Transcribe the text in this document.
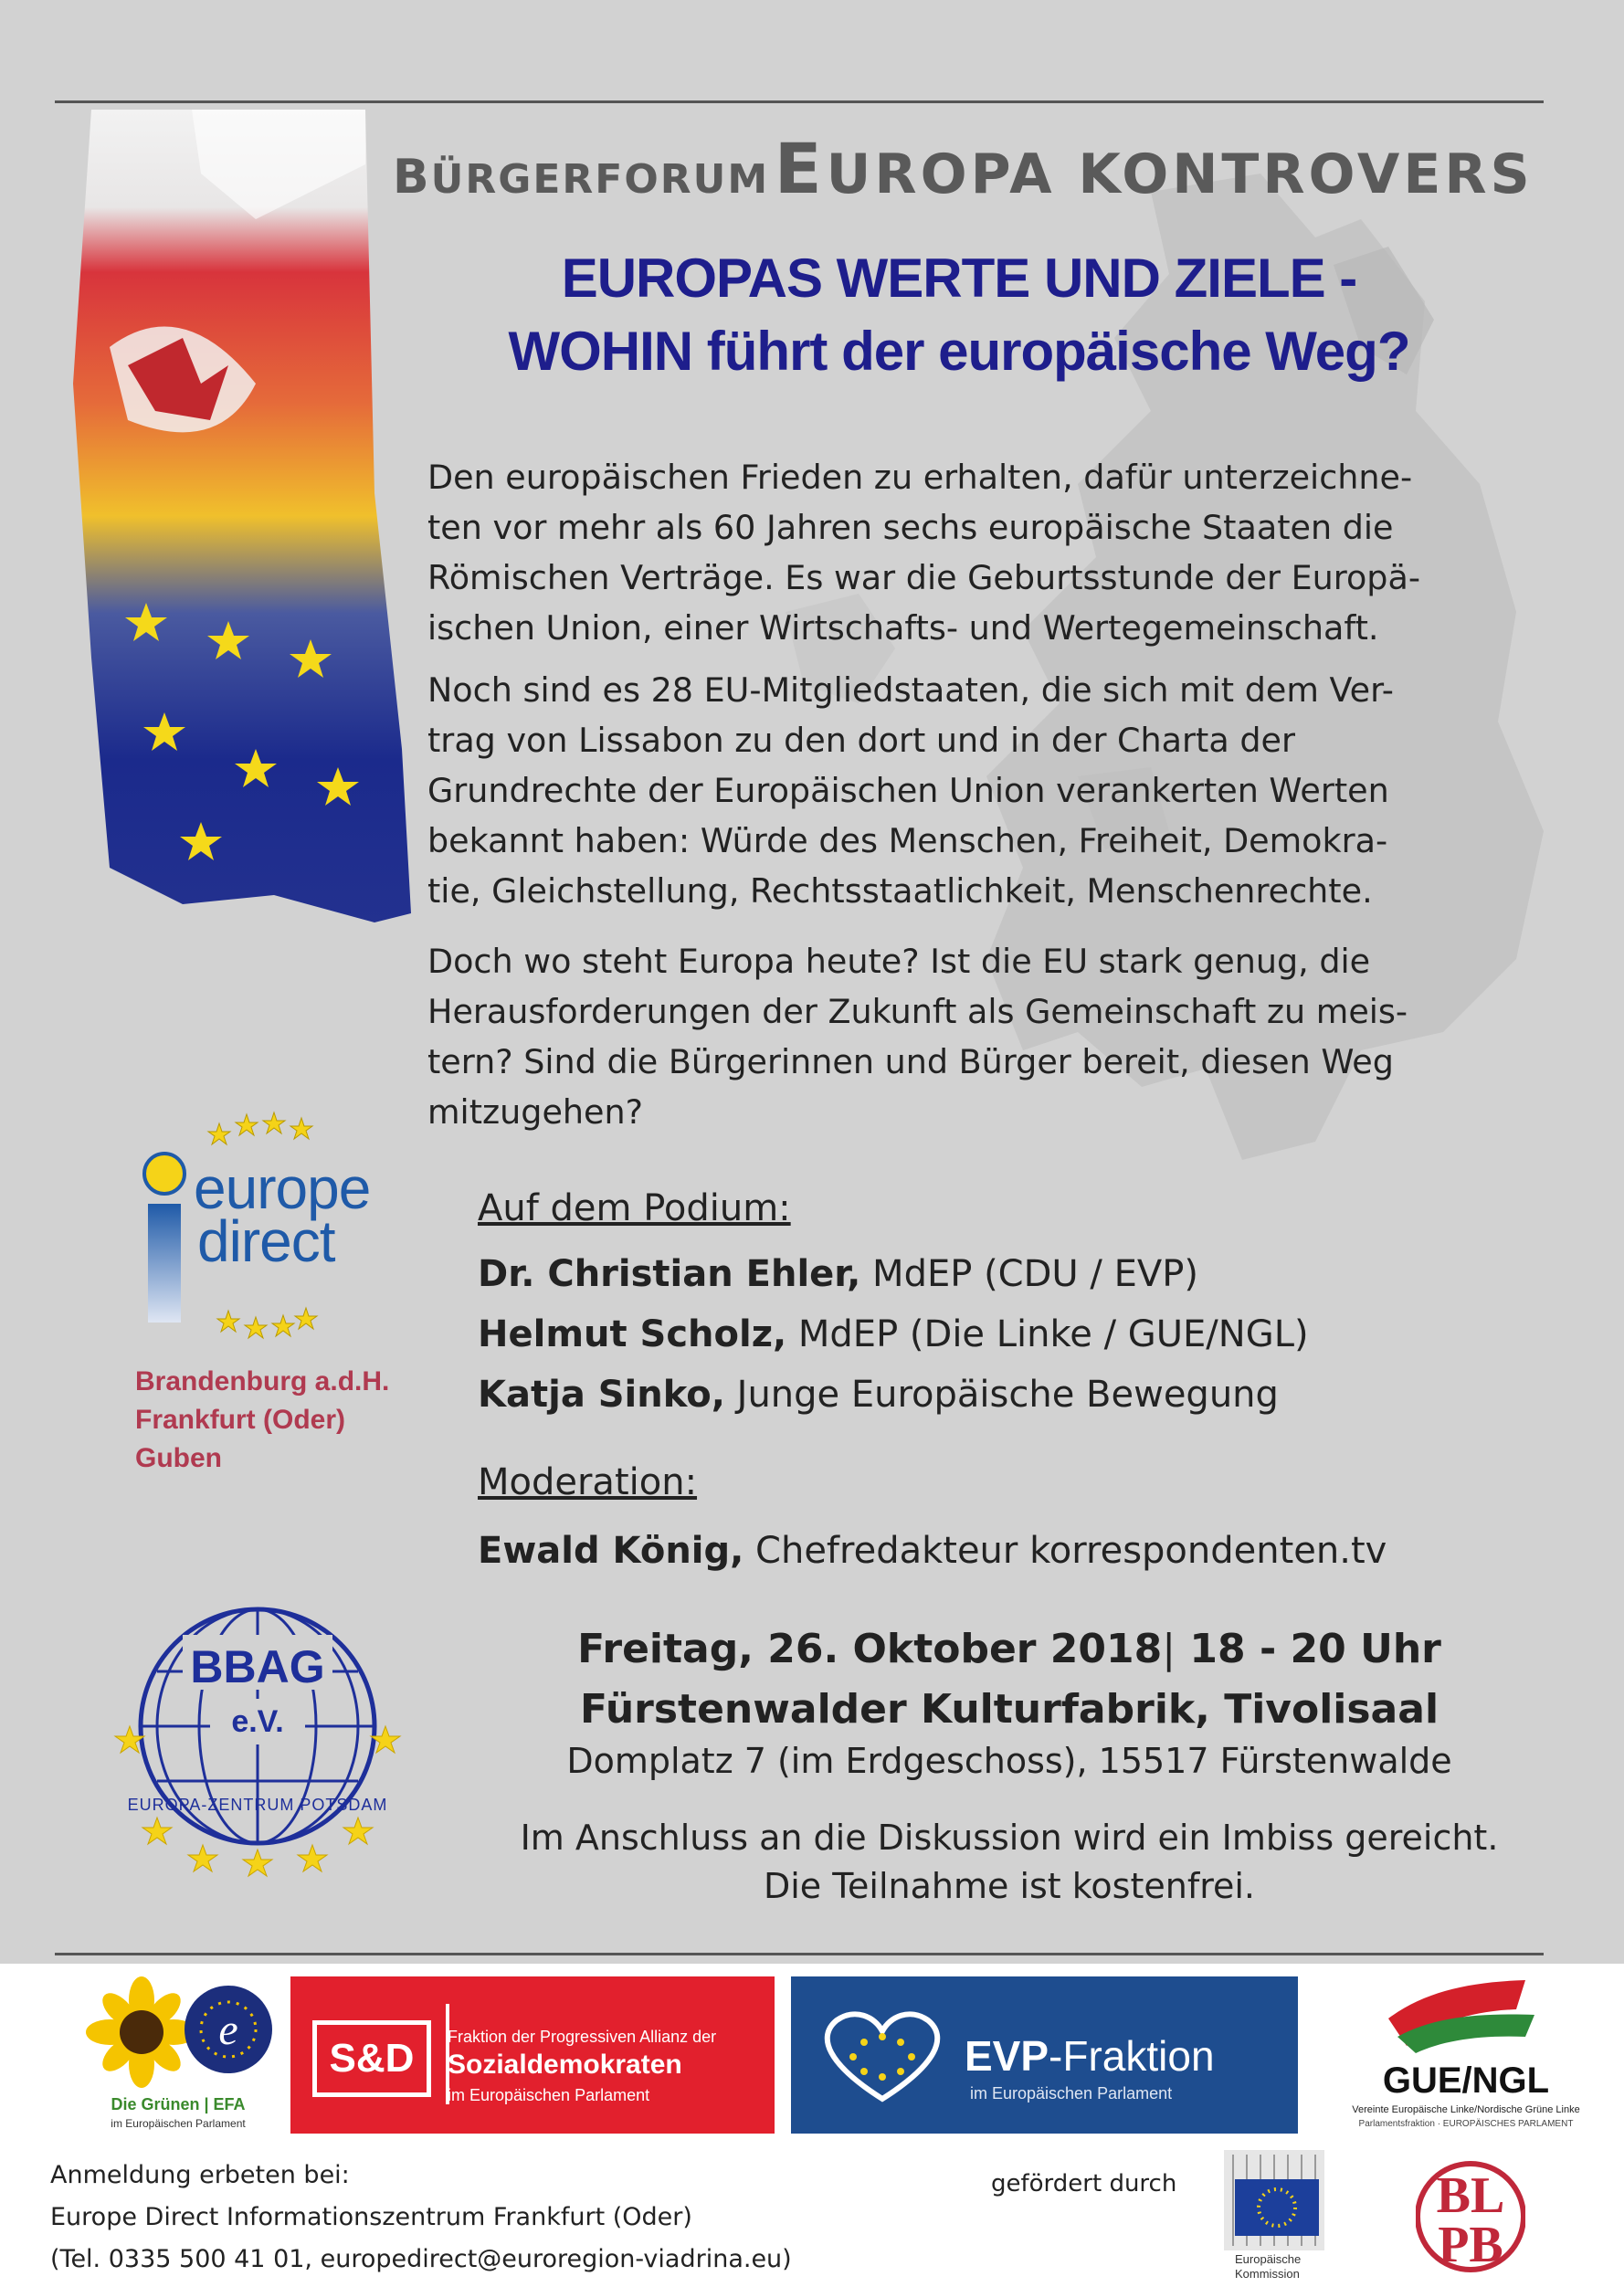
BÜRGERFORUM EUROPA KONTROVERS
EUROPAS WERTE UND ZIELE -
WOHIN führt der europäische Weg?

Den europäischen Frieden zu erhalten, dafür unterzeichne-

ten vor mehr als 60 Jahren sechs europäische Staaten die

Römischen Verträge. Es war die Geburtsstunde der Europä-

ischen Union, einer Wirtschafts- und Wertegemeinschaft.

Noch sind es 28 EU-Mitgliedstaaten, die sich mit dem Ver-

trag von Lissabon zu den dort und in der Charta der

Grundrechte der Europäischen Union verankerten Werten

bekannt haben: Würde des Menschen, Freiheit, Demokra-

tie, Gleichstellung, Rechtsstaatlichkeit, Menschenrechte.

Doch wo steht Europa heute? Ist die EU stark genug, die

Herausforderungen der Zukunft als Gemeinschaft zu meis-

tern? Sind die Bürgerinnen und Bürger bereit, diesen Weg

mitzugehen?

Auf dem Podium:
Dr. Christian Ehler, MdEP (CDU / EVP)
Helmut Scholz, MdEP (Die Linke / GUE/NGL)
Katja Sinko, Junge Europäische Bewegung
Moderation:
Ewald König, Chefredakteur korrespondenten.tv
Freitag, 26. Oktober 2018| 18 - 20 Uhr
Fürstenwalder Kulturfabrik, Tivolisaal
Domplatz 7 (im Erdgeschoss), 15517 Fürstenwalde
Im Anschluss an die Diskussion wird ein Imbiss gereicht.
Die Teilnahme ist kostenfrei.
europe
direct
Brandenburg a.d.H.
Frankfurt (Oder)
Guben
BBAG
e.V.
EUROPA-ZENTRUM POTSDAM
e
Die Grünen | EFA
im Europäischen Parlament
S&D	Fraktion der Progressiven Allianz der
Sozialdemokraten
im Europäischen Parlament
EVP-Fraktion
im Europäischen Parlament	GUE/NGL
Vereinte Europäische Linke/Nordische Grüne Linke
Parlamentsfraktion · EUROPÄISCHES PARLAMENT
Anmeldung erbeten bei:
Europe Direct Informationszentrum Frankfurt (Oder)
(Tel. 0335 500 41 01, europedirect@euroregion-viadrina.eu)
gefördert durch
Europäische
Kommission
BL
PB
